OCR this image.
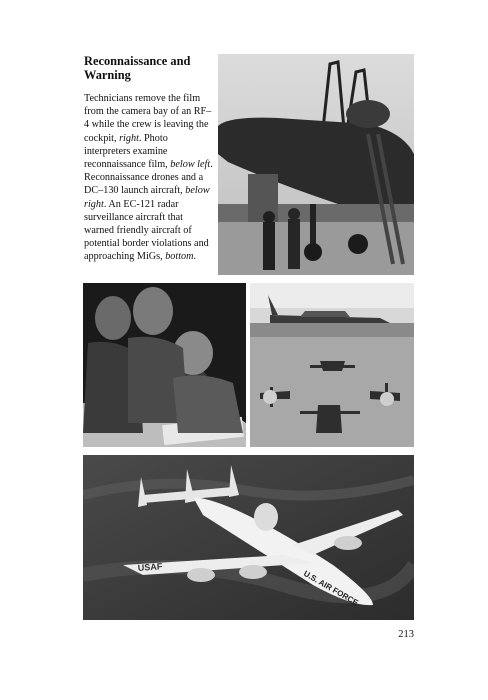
Reconnaissance and
Warning

Technicians remove the film from the camera bay of an RF–4 while the crew is leaving the cockpit, right. Photo interpreters examine reconnaissance film, below left. Reconnaissance drones and a DC–130 launch aircraft, below right. An EC-121 radar surveillance aircraft that warned friendly aircraft of potential border violations and approaching MiGs, bottom.

USAF
U.S. AIR FORCE
213
